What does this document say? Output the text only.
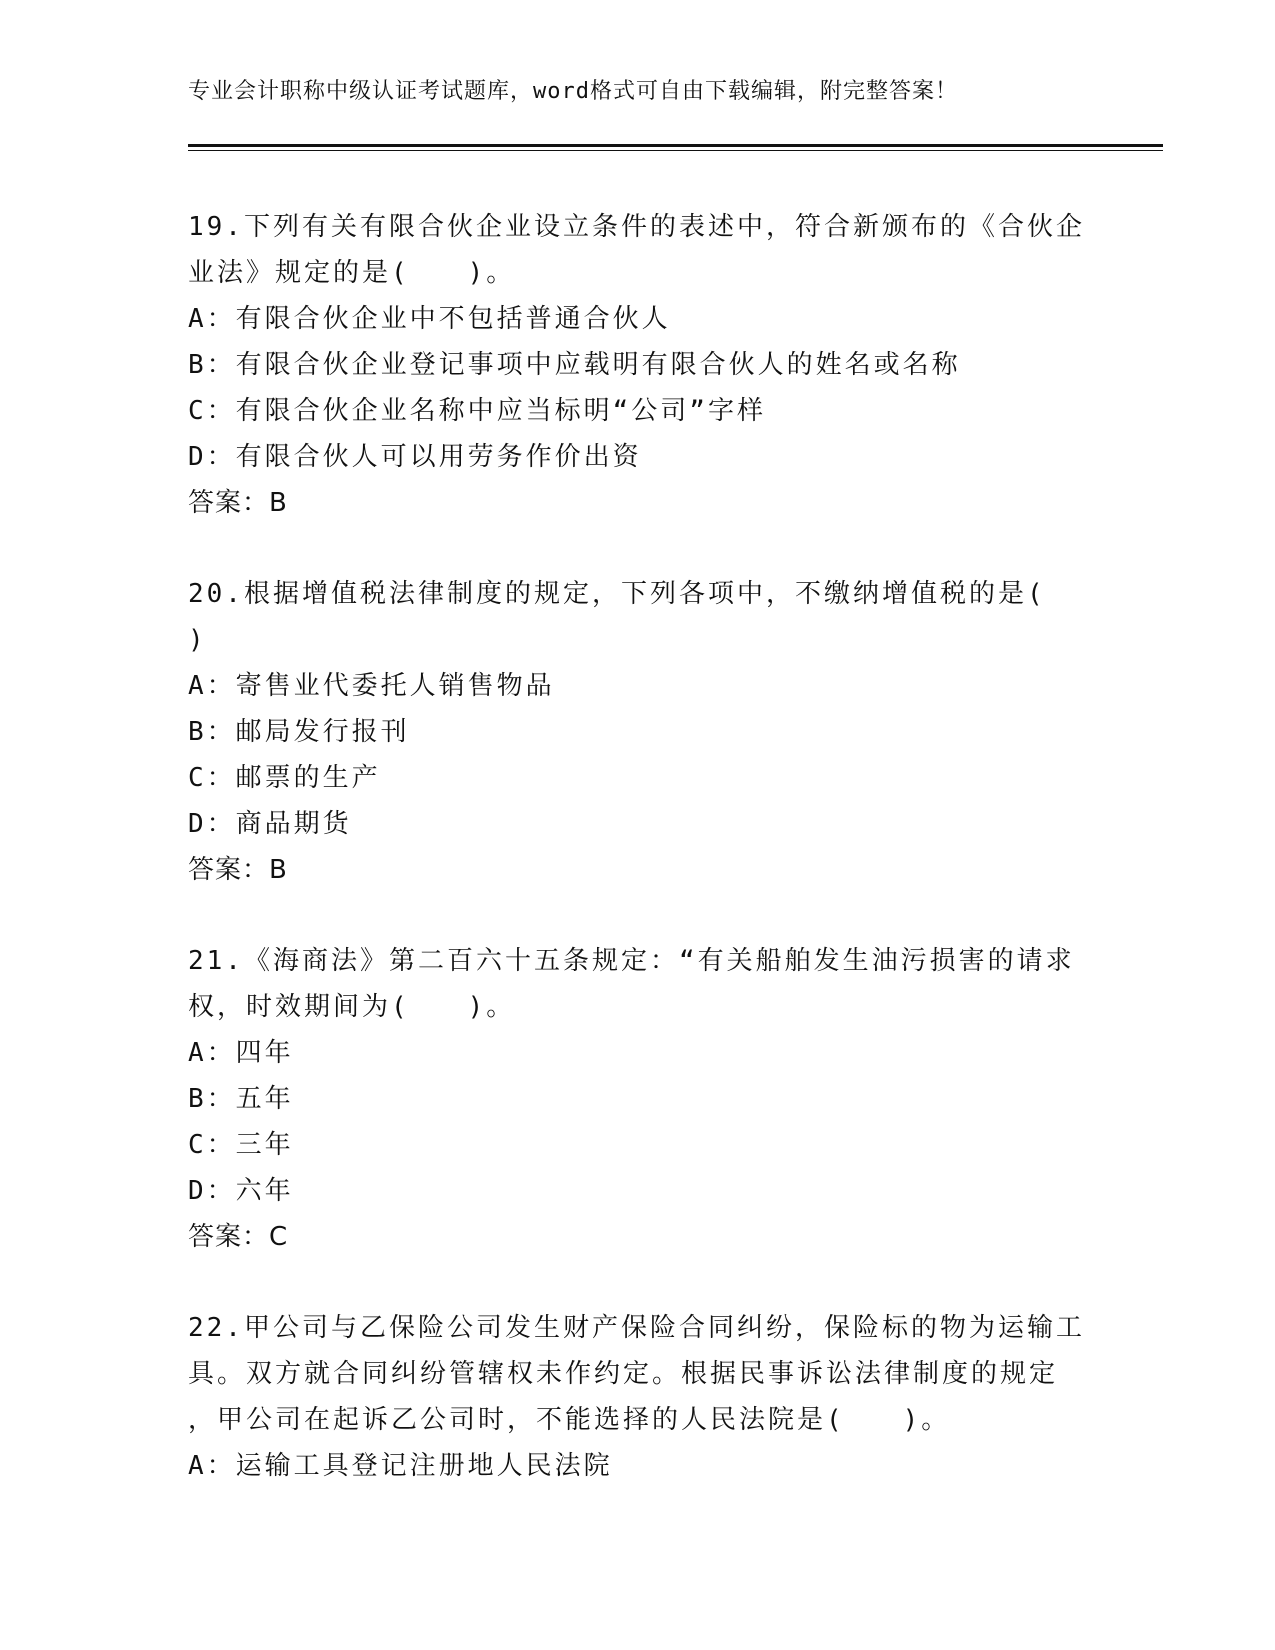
专业会计职称中级认证考试题库，word格式可自由下载编辑，附完整答案！

19.下列有关有限合伙企业设立条件的表述中，符合新颁布的《合伙企

业法》规定的是(　　)。

A：有限合伙企业中不包括普通合伙人

B：有限合伙企业登记事项中应载明有限合伙人的姓名或名称

C：有限合伙企业名称中应当标明“公司”字样

D：有限合伙人可以用劳务作价出资

答案：B

20.根据增值税法律制度的规定，下列各项中，不缴纳增值税的是(

)

A：寄售业代委托人销售物品

B：邮局发行报刊

C：邮票的生产

D：商品期货

答案：B

21.《海商法》第二百六十五条规定：“有关船舶发生油污损害的请求

权，时效期间为(　　)。

A：四年

B：五年

C：三年

D：六年

答案：C

22.甲公司与乙保险公司发生财产保险合同纠纷，保险标的物为运输工

具。双方就合同纠纷管辖权未作约定。根据民事诉讼法律制度的规定

，甲公司在起诉乙公司时，不能选择的人民法院是(　　)。

A：运输工具登记注册地人民法院
